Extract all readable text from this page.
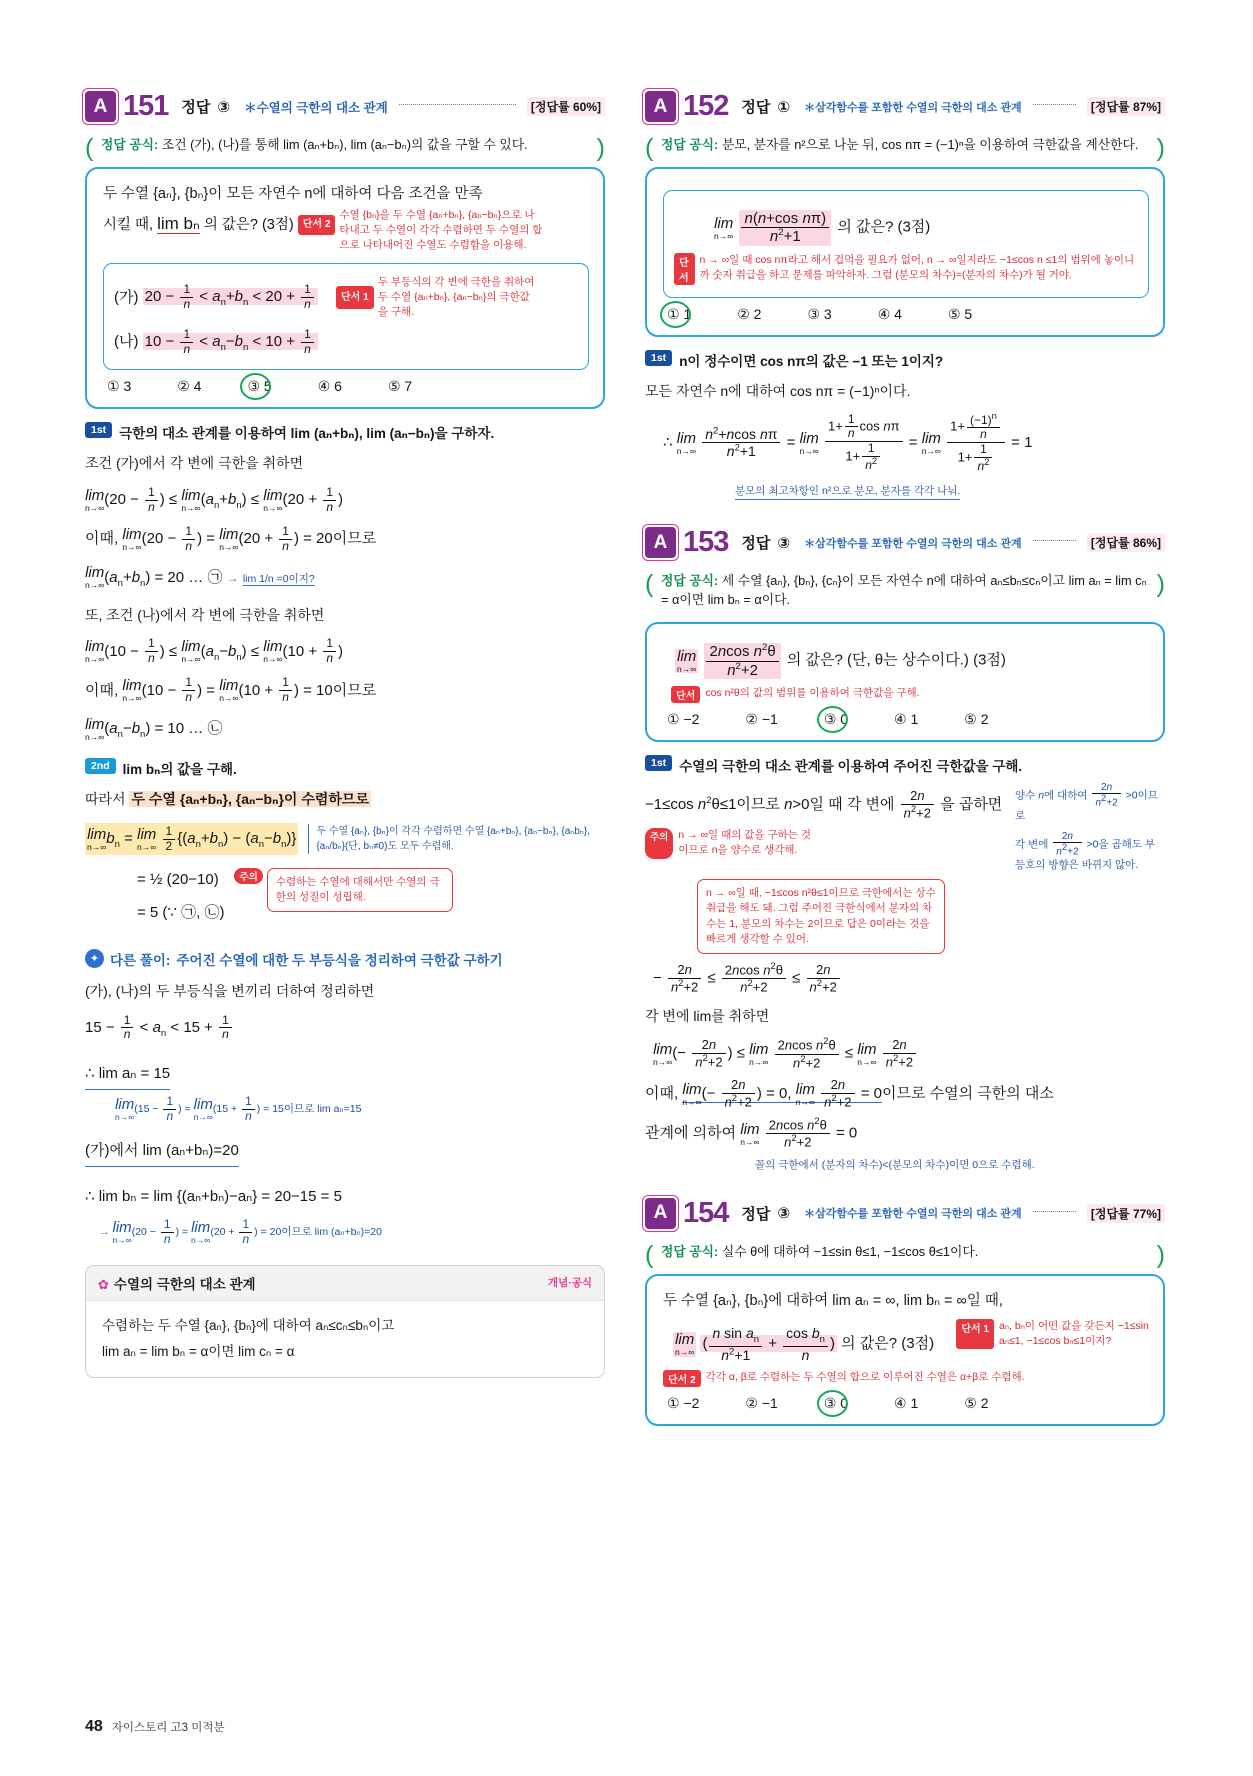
A 151 정답 ③ ＊수열의 극한의 대소 관계	[정답률 60%]
( 정답 공식: 조건 (가), (나)를 통해 lim (aₙ+bₙ), lim (aₙ−bₙ)의 값을 구할 수 있다.	)
두 수열 {aₙ}, {bₙ}이 모든 자연수 n에 대하여 다음 조건을 만족
시킬 때, lim bₙ 의 값은? (3점) 단서 2 수열 {bₙ}을 두 수열 {aₙ+bₙ}, {aₙ−bₙ}으로 나타내고 두 수열이 각각 수렴하면 두 수열의 합으로 나타내어진 수열도 수렴함을 이용해.
(가) $20 - \frac{1}{n} < a_n+b_n < 20 + \frac{1}{n}$	단서 1 두 부등식의 각 변에 극한을 취하여 두 수열 {aₙ+bₙ}, {aₙ−bₙ}의 극한값을 구해.
(나) $10 - \frac{1}{n} < a_n-b_n < 10 + \frac{1}{n}$
① 3	② 4	③ 5	④ 6	⑤ 7
1st 극한의 대소 관계를 이용하여 lim (aₙ+bₙ), lim (aₙ−bₙ)을 구하자.
조건 (가)에서 각 변에 극한을 취하면
lim
n→∞ ($20 - \frac{1}{n}$ ) ≤ lim
n→∞ $(a_n+b_n) \le \lim$
n→∞ ($20 + \frac{1}{n}$ )
이때, lim
n→∞ ($20 - \frac{1}{n}$ ) = lim
n→∞ ($20 + \frac{1}{n}$ ) = 20이므로
lim
n→∞ $(a_n+b_n) = 20$ … ㉠ → lim 1/n =0이지?
또, 조건 (나)에서 각 변에 극한을 취하면
lim
n→∞ ($10 - \frac{1}{n}$ ) ≤ lim
n→∞ $(a_n-b_n) \le \lim$
n→∞ ($10 + \frac{1}{n}$ )
이때, lim
n→∞ ($10 - \frac{1}{n}$ ) = lim
n→∞ ($10 + \frac{1}{n}$ ) = 10이므로
lim
n→∞ $(a_n-b_n) = 10$ … ㉡
2nd lim bₙ의 값을 구해.
따라서 두 수열 {aₙ+bₙ}, {aₙ−bₙ}이 수렴하므로
lim
n→∞ $b_n = \lim$
n→∞
$\frac{1}{2} \{(a_n+b_n) - (a_n-b_n)\}$	두 수열 {aₙ}, {bₙ}이 각각 수렴하면 수열 {aₙ+bₙ}, {aₙ−bₙ}, {aₙbₙ}, {aₙ/bₙ}(단, bₙ≠0)도 모두 수렴해.
= ½ (20−10)
= 5 (∵ ㉠, ㉡)
주의	수렴하는 수열에 대해서만 수열의 극한의 성질이 성립해.
✦ 다른 풀이: 주어진 수열에 대한 두 부등식을 정리하여 극한값 구하기
(가), (나)의 두 부등식을 변끼리 더하여 정리하면
$15 - \frac{1}{n} < a_n < 15 + \frac{1}{n}$
∴ lim aₙ = 15
lim
n→∞
($15 - \frac{1}{n}$ ) = lim
n→∞
($15 + \frac{1}{n}$ ) = 15이므로 lim aₙ=15
(가)에서 lim (aₙ+bₙ)=20
∴ lim bₙ = lim {(aₙ+bₙ)−aₙ} = 20−15 = 5
→ lim
n→∞
($20 - \frac{1}{n}$ ) = lim
n→∞
($20 + \frac{1}{n}$ ) = 20이므로 lim (aₙ+bₙ)=20
✿ 수열의 극한의 대소 관계	개념·공식
수렴하는 두 수열 {aₙ}, {bₙ}에 대하여 aₙ≤cₙ≤bₙ이고
lim aₙ = lim bₙ = α이면 lim cₙ = α
A 152 정답 ① ＊삼각함수를 포함한 수열의 극한의 대소 관계	[정답률 87%]
( 정답 공식: 분모, 분자를 n²으로 나눈 뒤, cos nπ = (−1)ⁿ을 이용하여 극한값을 계산한다. )
lim
n→∞
$\frac{\text{n(n+cos nπ)}}{n^2+1}$ 의 값은? (3점)
단서
n → ∞일 때 cos nπ라고 해서 겁먹을 필요가 없어, n → ∞일지라도 −1≤cos n ≤1의 범위에 놓이니까 숫자 취급을 하고 문제를 파악하자. 그럼 (분모의 차수)=(분자의 차수)가 될 거야.
① 1	② 2	③ 3	④ 4	⑤ 5
1st n이 정수이면 cos nπ의 값은 −1 또는 1이지?
모든 자연수 n에 대하여 cos nπ = (−1)ⁿ이다.
∴ lim
n→∞
$\frac{n^2+ncos n\pi}{n^2+1} = \lim$
n→∞
$\frac{1+ \frac{1}{n} \cos n\pi}{1+ \frac{1}{n^2}} = \lim$
n→∞
$\frac{1+ \frac{(-1)^n}{n}}{1+ \frac{1}{n^2}} = 1$
분모의 최고차항인 n²으로 분모, 분자를 각각 나눠.
A 153 정답 ③ ＊삼각함수를 포함한 수열의 극한의 대소 관계	[정답률 86%]
( 정답 공식: 세 수열 {aₙ}, {bₙ}, {cₙ}이 모든 자연수 n에 대하여 aₙ≤bₙ≤cₙ이고 lim aₙ = lim cₙ = α이면 lim bₙ = α이다.
)
lim
n→∞
$\frac{2ncos n^2\theta}{n^2+2}$ 의 값은? (단, θ는 상수이다.) (3점)
단서 cos n²θ의 값의 범위를 이용하여 극한값을 구해.
① −2	② −1	③ 0	④ 1	⑤ 2
1st 수열의 극한의 대소 관계를 이용하여 주어진 극한값을 구해.
−1≤cos $n^2\theta\le 1$이므로 n>0일 때 각 변에 $\frac{2n}{n^2+2}$ 을 곱하면
주의 n → ∞일 때의 값을 구하는 것이므로 n을 양수로 생각해.
양수 n에 대하여 $\frac{2n}{n2+2} >0$이므로
각 변에 $\frac{2n}{n2+2} >0$을 곱해도 부등호의 방향은 바뀌지 않아.
n → ∞일 때, −1≤cos n²θ≤1이므로 극한에서는 상수 취급을 해도 돼. 그럼 주어진 극한식에서 분자의 차수는 1, 분모의 차수는 2이므로 답은 0이라는 것을 빠르게 생각할 수 있어.
− $\frac{2n}{n^2+2} \le \frac{2ncos n^2\theta}{n^2+2} \le \frac{2n}{n^2+2}$
각 변에 lim를 취하면
lim
n→∞ (− $\frac{2n}{n^2+2}$ ) ≤ lim
n→∞
$\frac{2ncos n^2\theta}{n^2+2} \le \lim$
n→∞
$\frac{2n}{n^2+2}$
이때, lim
n→∞ (− $\frac{2n}{n^2+2}$ ) = 0, lim
n→∞
$\frac{2n}{n^2+2} = 0$이므로 수열의 극한의 대소
관계에 의하여 lim
n→∞
$\frac{2ncos n^2\theta}{n^2+2} = 0$
꼴의 극한에서 (분자의 차수)<(분모의 차수)이면 0으로 수렴해.
A 154 정답 ③ ＊삼각함수를 포함한 수열의 극한의 대소 관계	[정답률 77%]
( 정답 공식: 실수 θ에 대하여 −1≤sin θ≤1, −1≤cos θ≤1이다.	)
두 수열 {aₙ}, {bₙ}에 대하여 lim aₙ = ∞, lim bₙ = ∞일 때,
단서 1 aₙ, bₙ이 어떤 값을 갖든지 −1≤sin aₙ≤1, −1≤cos bₙ≤1이지?
lim
n→∞ ( $\frac{n \sin a_n}{n^2+1} + \frac{\cos b_n}{n}$ ) 의 값은? (3점)
단서 2 각각 α, β로 수렴하는 두 수열의 합으로 이루어진 수열은 α+β로 수렴해.
① −2	② −1	③ 0	④ 1	⑤ 2
48 자이스토리 고3 미적분
